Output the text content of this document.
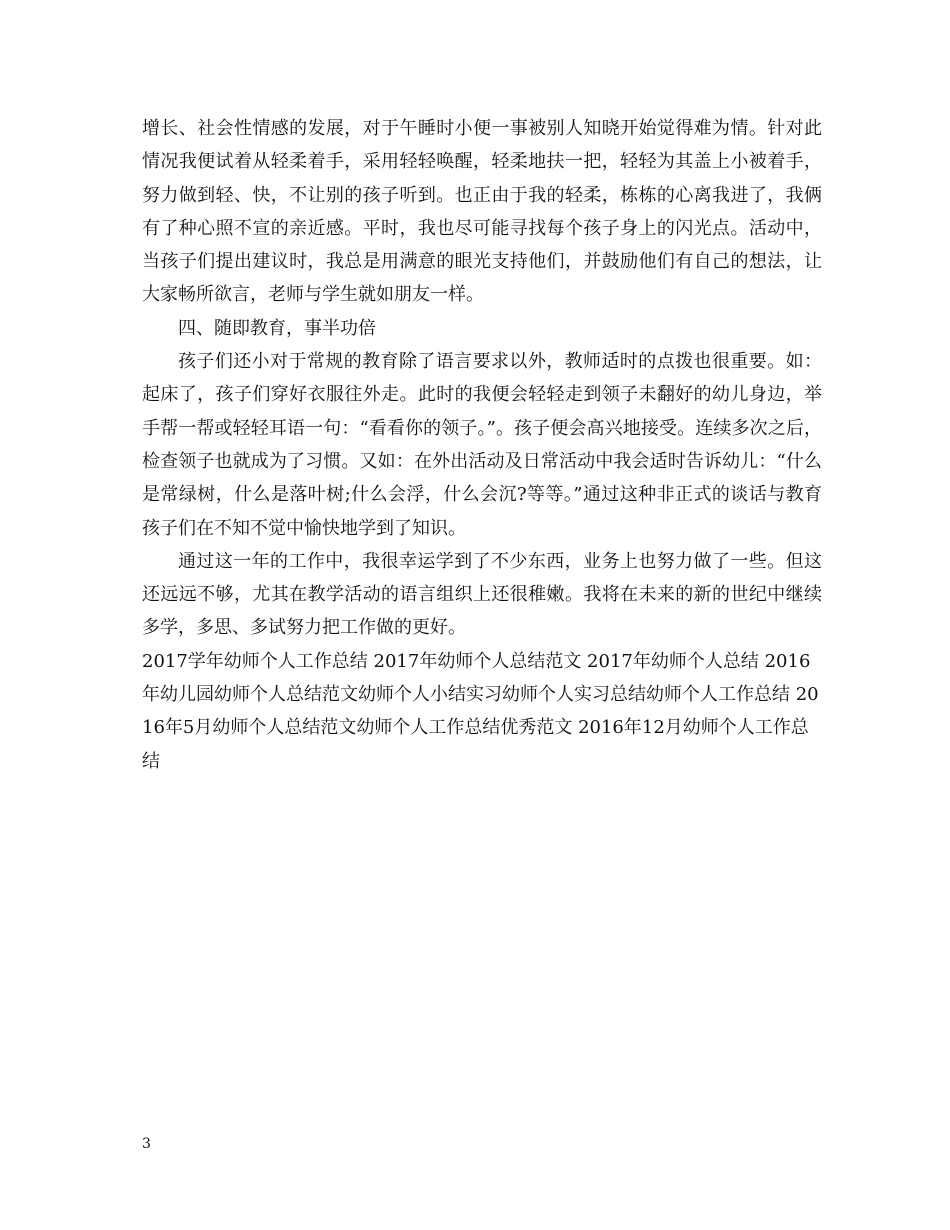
增长、社会性情感的发展，对于午睡时小便一事被别人知晓开始觉得难为情。针对此情况我便试着从轻柔着手，采用轻轻唤醒，轻柔地扶一把，轻轻为其盖上小被着手，努力做到轻、快，不让别的孩子听到。也正由于我的轻柔，栋栋的心离我进了，我俩有了种心照不宣的亲近感。平时，我也尽可能寻找每个孩子身上的闪光点。活动中，当孩子们提出建议时，我总是用满意的眼光支持他们，并鼓励他们有自己的想法，让大家畅所欲言，老师与学生就如朋友一样。

四、随即教育，事半功倍

孩子们还小对于常规的教育除了语言要求以外，教师适时的点拨也很重要。如：起床了，孩子们穿好衣服往外走。此时的我便会轻轻走到领子未翻好的幼儿身边，举手帮一帮或轻轻耳语一句：“看看你的领子。”。孩子便会高兴地接受。连续多次之后，检查领子也就成为了习惯。又如：在外出活动及日常活动中我会适时告诉幼儿：“什么是常绿树，什么是落叶树;什么会浮，什么会沉?等等。”通过这种非正式的谈话与教育孩子们在不知不觉中愉快地学到了知识。

通过这一年的工作中，我很幸运学到了不少东西，业务上也努力做了一些。但这还远远不够，尤其在教学活动的语言组织上还很稚嫩。我将在未来的新的世纪中继续多学，多思、多试努力把工作做的更好。

2017学年幼师个人工作总结 2017年幼师个人总结范文 2017年幼师个人总结 2016年幼儿园幼师个人总结范文幼师个人小结实习幼师个人实习总结幼师个人工作总结 2016年5月幼师个人总结范文幼师个人工作总结优秀范文 2016年12月幼师个人工作总结

3
